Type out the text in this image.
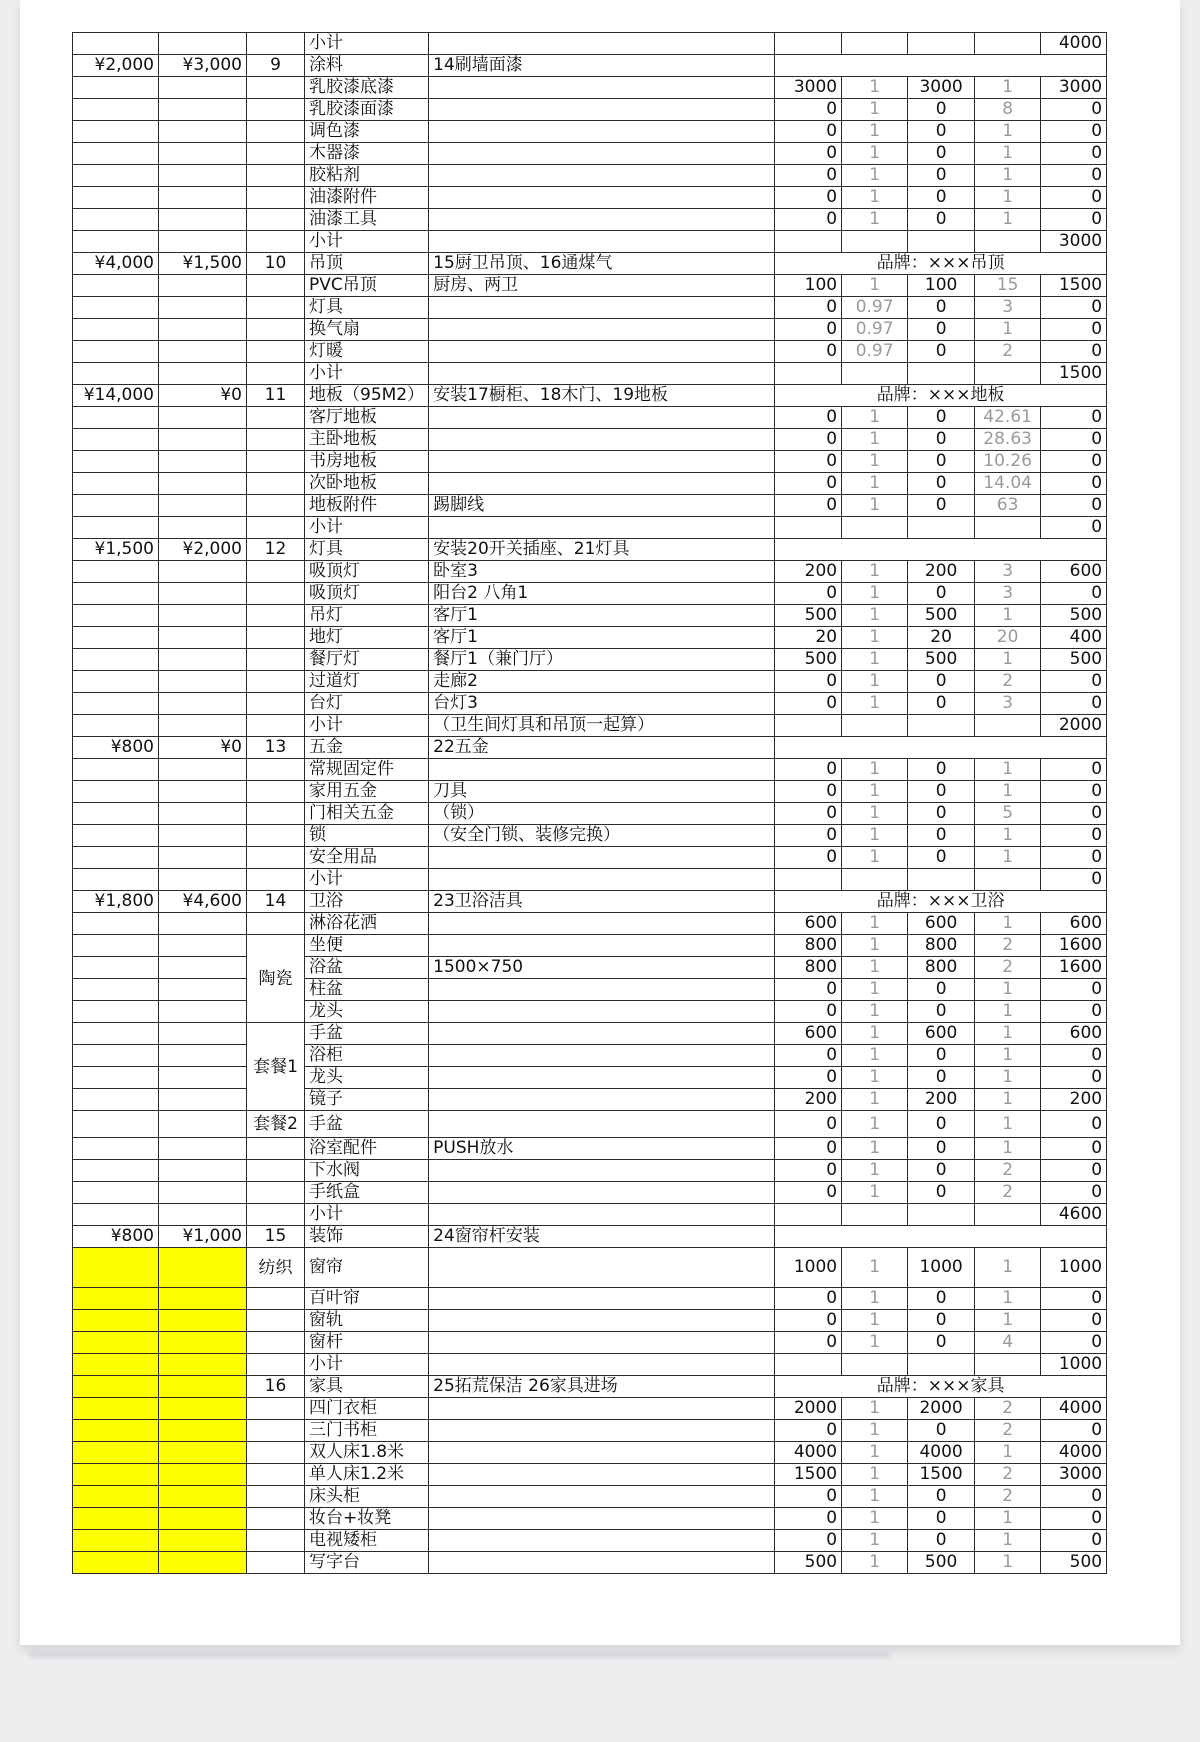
			小计						4000
¥2,000	¥3,000	9	涂料	14刷墙面漆					
			乳胶漆底漆		3000	1	3000	1	3000
			乳胶漆面漆		0	1	0	8	0
			调色漆		0	1	0	1	0
			木器漆		0	1	0	1	0
			胶粘剂		0	1	0	1	0
			油漆附件		0	1	0	1	0
			油漆工具		0	1	0	1	0
			小计						3000
¥4,000	¥1,500	10	吊顶	15厨卫吊顶、16通煤气	品牌：×××吊顶				
			PVC吊顶	厨房、两卫	100	1	100	15	1500
			灯具		0	0.97	0	3	0
			换气扇		0	0.97	0	1	0
			灯暖		0	0.97	0	2	0
			小计						1500
¥14,000	¥0	11	地板（95M2）	安装17橱柜、18木门、19地板	品牌：×××地板				
			客厅地板		0	1	0	42.61	0
			主卧地板		0	1	0	28.63	0
			书房地板		0	1	0	10.26	0
			次卧地板		0	1	0	14.04	0
			地板附件	踢脚线	0	1	0	63	0
			小计						0
¥1,500	¥2,000	12	灯具	安装20开关插座、21灯具					
			吸顶灯	卧室3	200	1	200	3	600
			吸顶灯	阳台2 八角1	0	1	0	3	0
			吊灯	客厅1	500	1	500	1	500
			地灯	客厅1	20	1	20	20	400
			餐厅灯	餐厅1（兼门厅）	500	1	500	1	500
			过道灯	走廊2	0	1	0	2	0
			台灯	台灯3	0	1	0	3	0
			小计	（卫生间灯具和吊顶一起算）					2000
¥800	¥0	13	五金	22五金					
			常规固定件		0	1	0	1	0
			家用五金	刀具	0	1	0	1	0
			门相关五金	（锁）	0	1	0	5	0
			锁	（安全门锁、装修完换）	0	1	0	1	0
			安全用品		0	1	0	1	0
			小计						0
¥1,800	¥4,600	14	卫浴	23卫浴洁具	品牌：×××卫浴				
			淋浴花洒		600	1	600	1	600
		陶瓷	坐便		800	1	800	2	1600
			浴盆	1500×750	800	1	800	2	1600
			柱盆		0	1	0	1	0
			龙头		0	1	0	1	0
		套餐1	手盆		600	1	600	1	600
			浴柜		0	1	0	1	0
			龙头		0	1	0	1	0
			镜子		200	1	200	1	200
		套餐2	手盆		0	1	0	1	0
			浴室配件	PUSH放水	0	1	0	1	0
			下水阀		0	1	0	2	0
			手纸盒		0	1	0	2	0
			小计						4600
¥800	¥1,000	15	装饰	24窗帘杆安装					
		纺织	窗帘		1000	1	1000	1	1000
			百叶帘		0	1	0	1	0
			窗轨		0	1	0	1	0
			窗杆		0	1	0	4	0
			小计						1000
		16	家具	25拓荒保洁 26家具进场	品牌：×××家具				
			四门衣柜		2000	1	2000	2	4000
			三门书柜		0	1	0	2	0
			双人床1.8米		4000	1	4000	1	4000
			单人床1.2米		1500	1	1500	2	3000
			床头柜		0	1	0	2	0
			妆台+妆凳		0	1	0	1	0
			电视矮柜		0	1	0	1	0
			写字台		500	1	500	1	500
